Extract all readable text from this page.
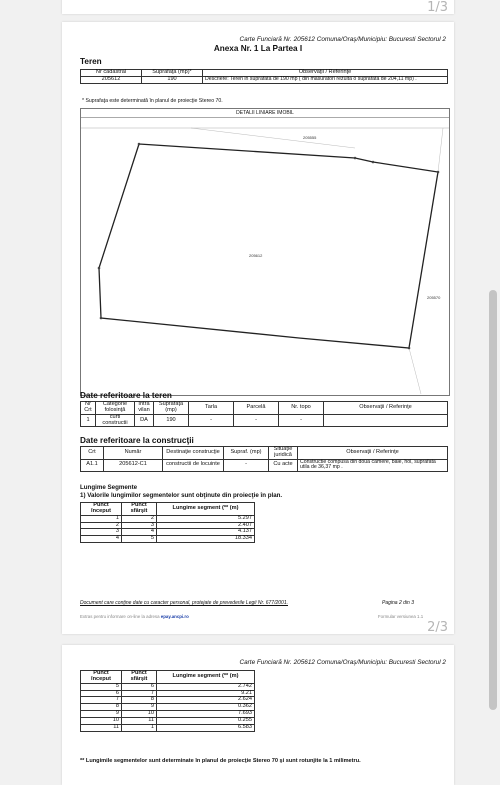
1/3
Carte Funciară Nr. 205612 Comuna/Oraş/Municipiu: Bucuresti Sectorul 2
Anexa Nr. 1 La Partea I
Teren
Nr cadastral	Suprafaţa (mp)*	Observaţii / Referinţe
205612	190	Descriere: Teren in suprafata de 190 mp ( din masuratori rezulta o suprafata de 204,11 mp) .
* Suprafaţa este determinată în planul de proiecţie Stereo 70.
DETALII LINIARE IMOBIL
205612
205555
205570
Date referitoare la teren
Nr Crt	Categorie folosinţă	Intra vilan	Suprafaţa (mp)	Tarla	Parcelă	Nr. topo	Observaţii / Referinţe
1	curti constructii	DA	190	-	-	-	
Date referitoare la construcţii
Crt	Număr	Destinaţie construcţie	Supraf. (mp)	Situaţie juridică	Observaţii / Referinţe
A1.1	205612-C1	constructii de locuinte	-	Cu acte	Constructie compusa din doua camere, baie, hol, suprafata utila de 36,37 mp .
Lungime Segmente
1) Valorile lungimilor segmentelor sunt obţinute din proiecţie în plan.
Punct început	Punct sfârşit	Lungime segment (** (m)
1	2	5.297
2	3	2.407
3	4	4.137
4	5	18.334
Document care conţine date cu caracter personal, protejate de prevederile Legii Nr. 677/2001.	Pagina 2 din 3
Extras pentru informare on-line la adresa epay.ancpi.ro	Formular versiunea 1.1
2/3
Carte Funciară Nr. 205612 Comuna/Oraş/Municipiu: Bucuresti Sectorul 2
Punct început	Punct sfârşit	Lungime segment (** (m)
5	6	2.742
6	7	9.21
7	8	2.624
8	9	0.362
9	10	7.693
10	11	0.255
11	1	6.583
** Lungimile segmentelor sunt determinate în planul de proiecţie Stereo 70 şi sunt rotunjite la 1 milimetru.
